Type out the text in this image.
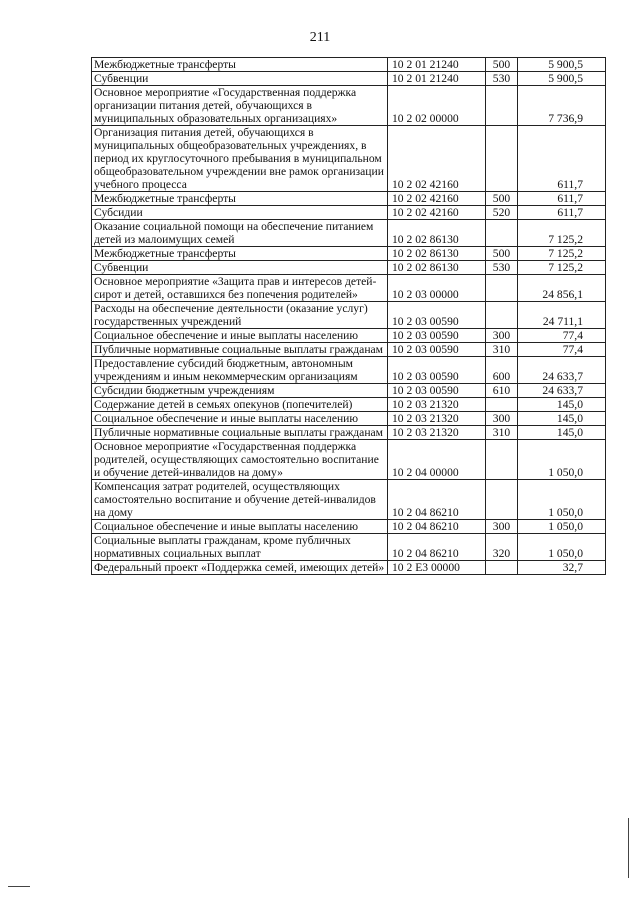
211
Межбюджетные трансферты	10 2 01 21240	500	5 900,5
Субвенции	10 2 01 21240	530	5 900,5
Основное мероприятие «Государственная поддержка организации питания детей, обучающихся в муниципальных образовательных организациях»	10 2 02 00000		7 736,9
Организация питания детей, обучающихся в муниципальных общеобразовательных учреждениях, в период их круглосуточного пребывания в муниципальном общеобразовательном учреждении вне рамок организации учебного процесса	10 2 02 42160		611,7
Межбюджетные трансферты	10 2 02 42160	500	611,7
Субсидии	10 2 02 42160	520	611,7
Оказание социальной помощи на обеспечение питанием детей из малоимущих семей	10 2 02 86130		7 125,2
Межбюджетные трансферты	10 2 02 86130	500	7 125,2
Субвенции	10 2 02 86130	530	7 125,2
Основное мероприятие «Защита прав и интересов детей-сирот и детей, оставшихся без попечения родителей»	10 2 03 00000		24 856,1
Расходы на обеспечение деятельности (оказание услуг) государственных учреждений	10 2 03 00590		24 711,1
Социальное обеспечение и иные выплаты населению	10 2 03 00590	300	77,4
Публичные нормативные социальные выплаты гражданам	10 2 03 00590	310	77,4
Предоставление субсидий бюджетным, автономным учреждениям и иным некоммерческим организациям	10 2 03 00590	600	24 633,7
Субсидии бюджетным учреждениям	10 2 03 00590	610	24 633,7
Содержание детей в семьях опекунов (попечителей)	10 2 03 21320		145,0
Социальное обеспечение и иные выплаты населению	10 2 03 21320	300	145,0
Публичные нормативные социальные выплаты гражданам	10 2 03 21320	310	145,0
Основное мероприятие «Государственная поддержка родителей, осуществляющих самостоятельно воспитание и обучение детей-инвалидов на дому»	10 2 04 00000		1 050,0
Компенсация затрат родителей, осуществляющих самостоятельно воспитание и обучение детей-инвалидов на дому	10 2 04 86210		1 050,0
Социальное обеспечение и иные выплаты населению	10 2 04 86210	300	1 050,0
Социальные выплаты гражданам, кроме публичных нормативных социальных выплат	10 2 04 86210	320	1 050,0
Федеральный проект «Поддержка семей, имеющих детей»	10 2 Е3 00000		32,7
